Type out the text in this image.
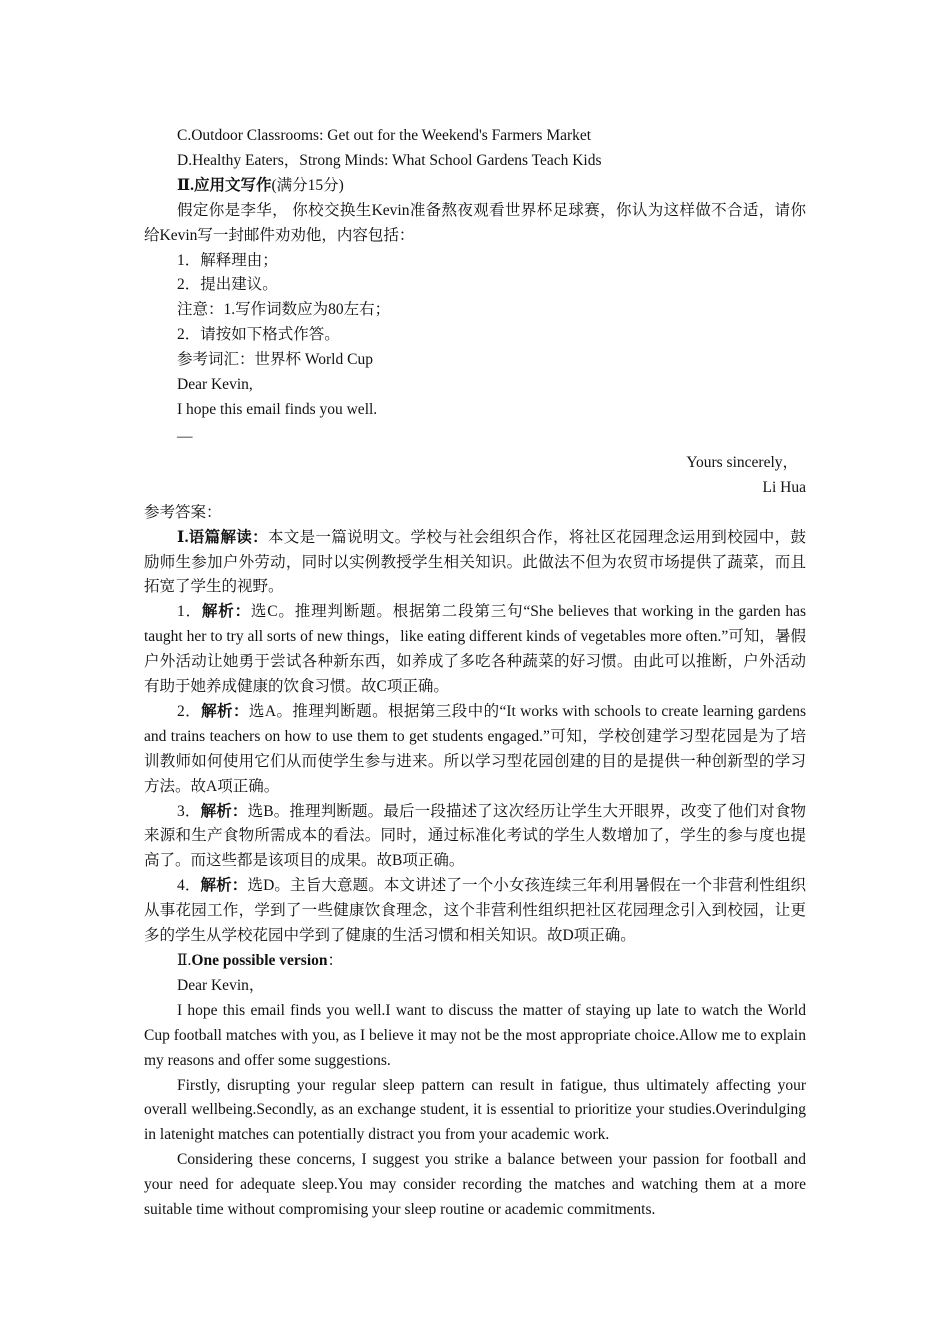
C.Outdoor Classrooms: Get out for the Weekend's Farmers Market
D.Healthy Eaters，Strong Minds: What School Gardens Teach Kids
Ⅱ.应用文写作(满分15分)
假定你是李华， 你校交换生Kevin准备熬夜观看世界杯足球赛，你认为这样做不合适，请你给Kevin写一封邮件劝劝他，内容包括：
1．解释理由；
2．提出建议。
注意：1.写作词数应为80左右；
2．请按如下格式作答。
参考词汇：世界杯 World Cup
Dear Kevin,
I hope this email finds you well.
—
Yours sincerely，
Li Hua
参考答案：
Ⅰ.语篇解读：本文是一篇说明文。学校与社会组织合作，将社区花园理念运用到校园中，鼓励师生参加户外劳动，同时以实例教授学生相关知识。此做法不但为农贸市场提供了蔬菜，而且拓宽了学生的视野。
1．解析：选C。推理判断题。根据第二段第三句“She believes that working in the garden has taught her to try all sorts of new things，like eating different kinds of vegetables more often.”可知，暑假户外活动让她勇于尝试各种新东西，如养成了多吃各种蔬菜的好习惯。由此可以推断，户外活动有助于她养成健康的饮食习惯。故C项正确。
2．解析：选A。推理判断题。根据第三段中的“It works with schools to create learning gardens and trains teachers on how to use them to get students engaged.”可知，学校创建学习型花园是为了培训教师如何使用它们从而使学生参与进来。所以学习型花园创建的目的是提供一种创新型的学习方法。故A项正确。
3．解析：选B。推理判断题。最后一段描述了这次经历让学生大开眼界，改变了他们对食物来源和生产食物所需成本的看法。同时，通过标准化考试的学生人数增加了，学生的参与度也提高了。而这些都是该项目的成果。故B项正确。
4．解析：选D。主旨大意题。本文讲述了一个小女孩连续三年利用暑假在一个非营利性组织从事花园工作，学到了一些健康饮食理念，这个非营利性组织把社区花园理念引入到校园，让更多的学生从学校花园中学到了健康的生活习惯和相关知识。故D项正确。
Ⅱ.One possible version：
Dear Kevin，
I hope this email finds you well.I want to discuss the matter of staying up late to watch the World Cup football matches with you, as I believe it may not be the most appropriate choice.Allow me to explain my reasons and offer some suggestions.
Firstly, disrupting your regular sleep pattern can result in fatigue, thus ultimately affecting your overall wellbeing.Secondly, as an exchange student, it is essential to prioritize your studies.Overindulging in latenight matches can potentially distract you from your academic work.
Considering these concerns, I suggest you strike a balance between your passion for football and your need for adequate sleep.You may consider recording the matches and watching them at a more suitable time without compromising your sleep routine or academic commitments.
